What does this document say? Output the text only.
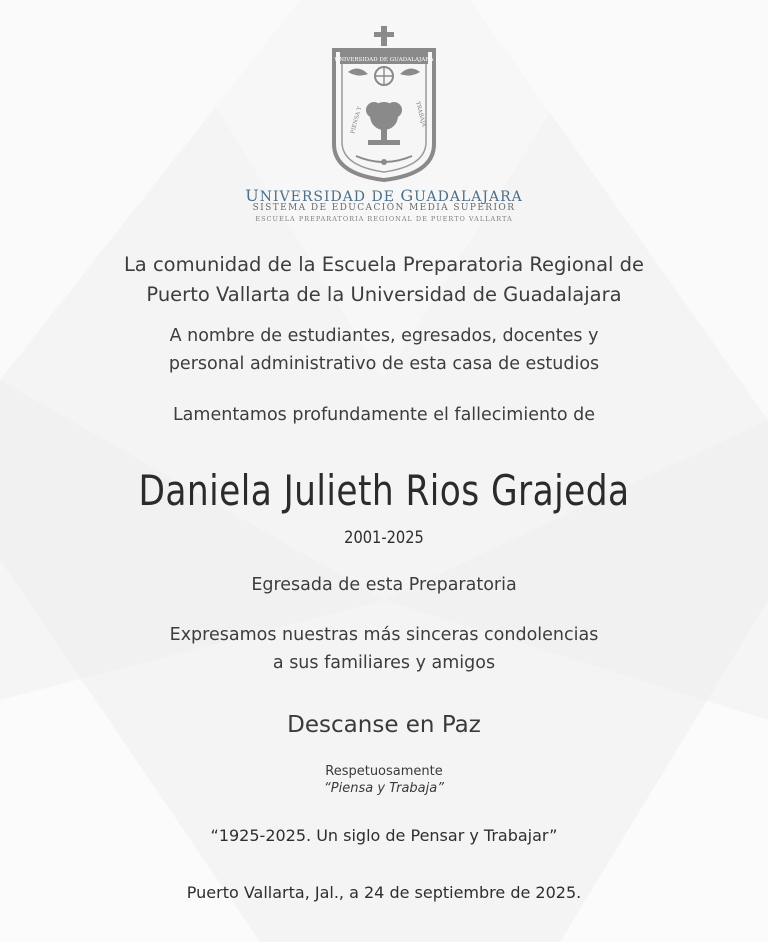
UNIVERSIDAD DE GUADALAJARA
PIENSA Y	TRABAJA
UNIVERSIDAD DE GUADALAJARA
SISTEMA DE EDUCACIÓN MEDIA SUPERIOR
ESCUELA PREPARATORIA REGIONAL DE PUERTO VALLARTA
La comunidad de la Escuela Preparatoria Regional de
Puerto Vallarta de la Universidad de Guadalajara
A nombre de estudiantes, egresados, docentes y
personal administrativo de esta casa de estudios
Lamentamos profundamente el fallecimiento de
Daniela Julieth Rios Grajeda
2001-2025
Egresada de esta Preparatoria
Expresamos nuestras más sinceras condolencias
a sus familiares y amigos
Descanse en Paz
Respetuosamente
“Piensa y Trabaja”
“1925-2025. Un siglo de Pensar y Trabajar”
Puerto Vallarta, Jal., a 24 de septiembre de 2025.
